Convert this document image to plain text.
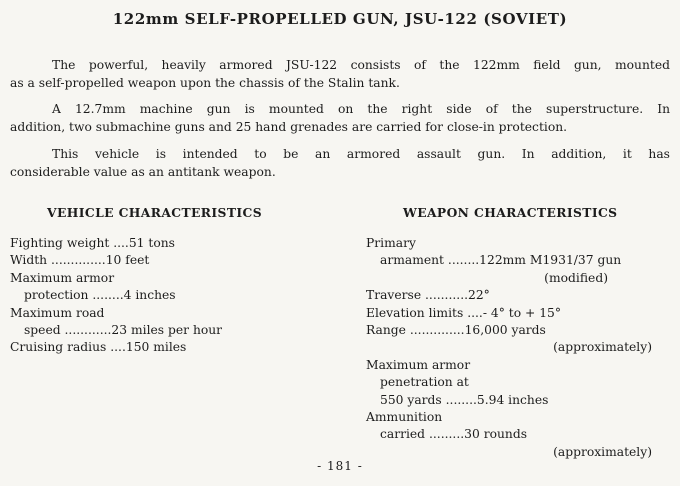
122mm SELF-PROPELLED GUN, JSU-122 (SOVIET)

The powerful, heavily armored JSU-122 consists of the 122mm field gun, mounted
as a self-propelled weapon upon the chassis of the Stalin tank.

A 12.7mm machine gun is mounted on the right side of the superstructure. In
addition, two submachine guns and 25 hand grenades are carried for close-in protection.

This vehicle is intended to be an armored assault gun. In addition, it has
considerable value as an antitank weapon.

VEHICLE CHARACTERISTICS	WEAPON CHARACTERISTICS
Fighting weight ....51 tons
Width ..............10 feet
Maximum armor
protection ........4 inches
Maximum road
speed ............23 miles per hour
Cruising radius ....150 miles
Primary
armament ........122mm M1931/37 gun
(modified)
Traverse ...........22°
Elevation limits ....- 4° to + 15°
Range ..............16,000 yards
(approximately)
Maximum armor
penetration at
550 yards ........5.94 inches
Ammunition
carried .........30 rounds
(approximately)
- 181 -
